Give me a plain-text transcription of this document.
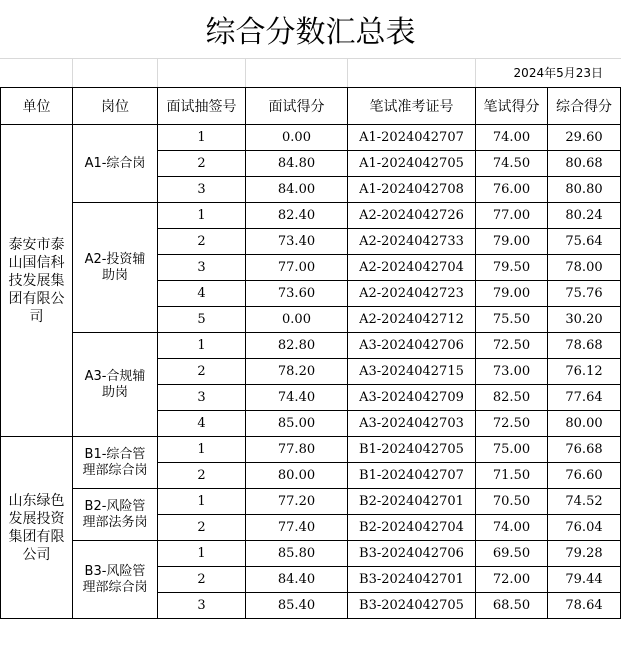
综合分数汇总表
2024年5月23日
单位	岗位	面试抽签号	面试得分	笔试准考证号	笔试得分	综合得分
泰安市泰山国信科技发展集团有限公司	A1-综合岗	1	0.00	A1-2024042707	74.00	29.60
		2	84.80	A1-2024042705	74.50	80.68
		3	84.00	A1-2024042708	76.00	80.80
	A2-投资辅助岗	1	82.40	A2-2024042726	77.00	80.24
		2	73.40	A2-2024042733	79.00	75.64
		3	77.00	A2-2024042704	79.50	78.00
		4	73.60	A2-2024042723	79.00	75.76
		5	0.00	A2-2024042712	75.50	30.20
	A3-合规辅助岗	1	82.80	A3-2024042706	72.50	78.68
		2	78.20	A3-2024042715	73.00	76.12
		3	74.40	A3-2024042709	82.50	77.64
		4	85.00	A3-2024042703	72.50	80.00
山东绿色发展投资集团有限公司	B1-综合管理部综合岗	1	77.80	B1-2024042705	75.00	76.68
		2	80.00	B1-2024042707	71.50	76.60
	B2-风险管理部法务岗	1	77.20	B2-2024042701	70.50	74.52
		2	77.40	B2-2024042704	74.00	76.04
	B3-风险管理部综合岗	1	85.80	B3-2024042706	69.50	79.28
		2	84.40	B3-2024042701	72.00	79.44
		3	85.40	B3-2024042705	68.50	78.64
